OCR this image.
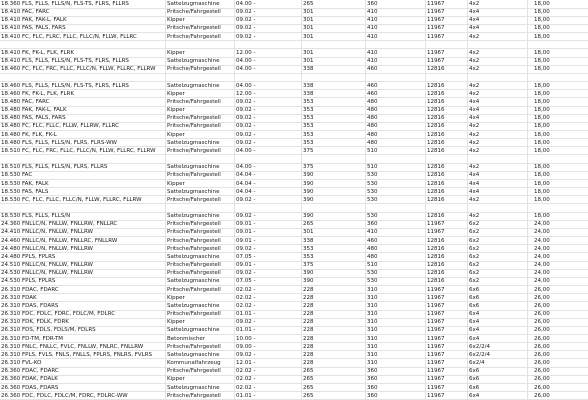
18.360 FLS, FLLS, FLLS/N, FLS-TS, FLRS, FLLRS	Sattelzugmaschine	04.00 -	265	360	11967	4x2	18,00
18.410 FAC, FARC	Pritsche/Fahrgestell	09.02 -	301	410	11967	4x4	18,00
18.410 FAK, FAK-L, FALK	Kipper	09.02 -	301	410	11967	4x4	18,00
18.410 FAS, FALS, FARS	Pritsche/Fahrgestell	09.02 -	301	410	11967	4x4	18,00
18.410 FC, FLC, FLRC, FLLC, FLLC/N, FLLW, FLLRC	Pritsche/Fahrgestell	09.02 -	301	410	11967	4x2	18,00
18.410 FK, FK-L, FLK, FLRK	Kipper	12.00 -	301	410	11967	4x2	18,00
18.410 FLS, FLLS, FLLS/N, FLS-TS, FLRS, FLLRS	Sattelzugmaschine	04.00 -	301	410	11967	4x2	18,00
18.460 FC, FLC, FRC, FLLC, FLLC/N, FLLW, FLLRC, FLLRW	Pritsche/Fahrgestell	04.00 -	338	460	12816	4x2	18,00
18.460 FLS, FLLS, FLLS/N, FLS-TS, FLRS, FLLRS	Sattelzugmaschine	04.00 -	338	460	12816	4x2	18,00
18.460 FK, FK-L, FLK, FLRK	Kipper	12.00 -	338	460	12816	4x2	18,00
18.480 FAC, FARC	Pritsche/Fahrgestell	09.02 -	353	480	12816	4x4	18,00
18.480 FAK, FAK-L, FALK	Kipper	09.02 -	353	480	12816	4x4	18,00
18.480 FAS, FALS, FARS	Pritsche/Fahrgestell	09.02 -	353	480	12816	4x4	18,00
18.480 FC, FLC, FLLC, FLLW, FLLRW, FLLRC	Pritsche/Fahrgestell	09.02 -	353	480	12816	4x2	18,00
18.480 FK, FLK, FK-L	Kipper	09.02 -	353	480	12816	4x2	18,00
18.480 FLS, FLLS, FLLS/N, FLRS, FLRS-WW	Sattelzugmaschine	09.02 -	353	480	12816	4x2	18,00
18.510 FC, FLC, FRC, FLLC, FLLC/N, FLLW, FLLRC, FLLRW	Pritsche/Fahrgestell	04.00 -	375	510	12816	4x2	18,00
18.510 FLS, FLLS, FLLS/N, FLRS, FLLRS	Sattelzugmaschine	04.00 -	375	510	12816	4x2	18,00
18.530 FAC	Pritsche/Fahrgestell	04.04 -	390	530	12816	4x4	18,00
18.530 FAK, FALK	Kipper	04.04 -	390	530	12816	4x4	18,00
18.530 FAS, FALS	Sattelzugmaschine	04.04 -	390	530	12816	4x4	18,00
18.530 FC, FLC, FLLC, FLLC/N, FLLW, FLLRC, FLLRW	Pritsche/Fahrgestell	09.02 -	390	530	12816	4x2	18,00
18.530 FLS, FLLS, FLLS/N	Sattelzugmaschine	09.02 -	390	530	12816	4x2	18,00
24.360 FNLLC/N, FNLLW, FNLLRW, FNLLRC	Pritsche/Fahrgestell	09.01 -	265	360	11967	6x2	24,00
24.410 FNLLC/N, FNLLW, FNLLRW	Pritsche/Fahrgestell	09.01 -	301	410	11967	6x2	24,00
24.460 FNLLC/N, FNLLW, FNLLRC, FNLLRW	Pritsche/Fahrgestell	09.01 -	338	460	12816	6x2	24,00
24.480 FNLLC/N, FNLLW, FNLLRW	Pritsche/Fahrgestell	09.02 -	353	480	12816	6x2	24,00
24.480 FPLS, FPLRS	Sattelzugmaschine	07.05 -	353	480	12816	6x2	24,00
24.510 FNLLC/N, FNLLW, FNLLRW	Pritsche/Fahrgestell	09.01 -	375	510	12816	6x2	24,00
24.530 FNLLC/N, FNLLW, FNLLRW	Pritsche/Fahrgestell	09.02 -	390	530	12816	6x2	24,00
24.530 FPLS, FPLRS	Sattelzugmaschine	07.05 -	390	530	12816	6x2	24,00
26.310 FDAC, FDARC	Pritsche/Fahrgestell	02.02 -	228	310	11967	6x6	26,00
26.310 FDAK	Kipper	02.02 -	228	310	11967	6x6	26,00
26.310 FDAS, FDARS	Sattelzugmaschine	02.02 -	228	310	11967	6x6	26,00
26.310 FDC, FDLC, FDRC, FDLC/M, FDLRC	Pritsche/Fahrgestell	01.01 -	228	310	11967	6x4	26,00
26.310 FDK, FDLK, FDRK	Kipper	09.02 -	228	310	11967	6x4	26,00
26.310 FDS, FDLS, FDLS/M, FDLRS	Sattelzugmaschine	01.01 -	228	310	11967	6x4	26,00
26.310 FD-TM, FDR-TM	Betonmischer	10.00 -	228	310	11967	6x4	26,00
26.310 FNLC, FNLLC, FVLC, FNLLW, FNLRC, FNLLRW	Pritsche/Fahrgestell	09.00 -	228	310	11967	6x2/2/4	26,00
26.310 FPLS, FVLS, FNLS, FNLLS, FPLRS, FNLRS, FVLRS	Sattelzugmaschine	09.02 -	228	310	11967	6x2/2/4	26,00
26.310 FVL-KO	Kommunalfahrzeug	12.01 -	228	310	11967	6x2/4	26,00
26.360 FDAC, FDARC	Pritsche/Fahrgestell	02.02 -	265	360	11967	6x6	26,00
26.360 FDAK, FDALK	Kipper	02.02 -	265	360	11967	6x6	26,00
26.360 FDAS, FDARS	Sattelzugmaschine	02.02 -	265	360	11967	6x6	26,00
26.360 FDC, FDLC, FDLC/M, FDRC, FDLRC-WW	Pritsche/Fahrgestell	01.01 -	265	360	11967	6x4	26,00
